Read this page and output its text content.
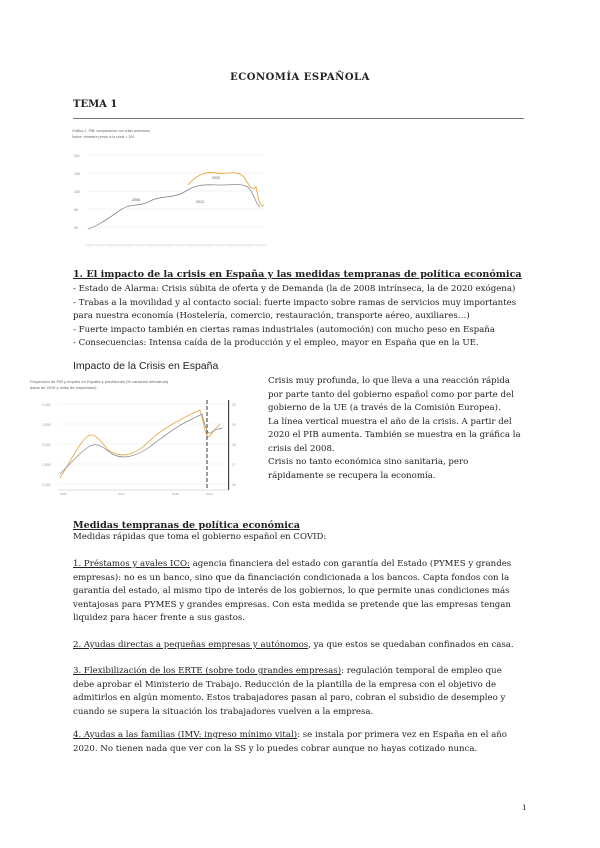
ECONOMÍA ESPAÑOLA
TEMA 1
Gráfico 1. PIB: comparación con crisis anteriores
Índice, trimestre previo a la crisis = 100
110
105
100
95
90
2008
2020
2012
1. El impacto de la crisis en España y las medidas tempranas de política económica
- Estado de Alarma: Crisis súbita de oferta y de Demanda (la de 2008 intrínseca, la de 2020 exógena)
- Trabas a la movilidad y al contacto social: fuerte impacto sobre ramas de servicios muy importantes
para nuestra economía (Hostelería, comercio, restauración, transporte aéreo, auxiliares…)
- Fuerte impacto también en ciertas ramas industriales (automoción) con mucho peso en España
- Consecuencias: Intensa caída de la producción y el empleo, mayor en España que en la UE.
Impacto de la Crisis en España
Proyección de PIB y empleo en España y previsiones (% variación interanual)
datos de 2019 y miles de empleados)
4.000
3.500
3.000
2.500
2.000
20
19
18
17
16
2006	2012	2018	2020
Crisis muy profunda, lo que lleva a una reacción rápida
por parte tanto del gobierno español como por parte del
gobierno de la UE (a través de la Comisión Europea).
La línea vertical muestra el año de la crisis. A partir del
2020 el PIB aumenta. También se muestra en la gráfica la
crisis del 2008.
Crisis no tanto económica sino sanitaria, pero
rápidamente se recupera la economía.
Medidas tempranas de política económica
Medidas rápidas que toma el gobierno español en COVID:
1. Préstamos y avales ICO: agencia financiera del estado con garantía del Estado (PYMES y grandes
empresas): no es un banco, sino que da financiación condicionada a los bancos. Capta fondos con la
garantía del estado, al mismo tipo de interés de los gobiernos, lo que permite unas condiciones más
ventajosas para PYMES y grandes empresas. Con esta medida se pretende que las empresas tengan
liquidez para hacer frente a sus gastos.
2. Ayudas directas a pequeñas empresas y autónomos, ya que estos se quedaban confinados en casa.
3. Flexibilización de los ERTE (sobre todo grandes empresas): regulación temporal de empleo que
debe aprobar el Ministerio de Trabajo. Reducción de la plantilla de la empresa con el objetivo de
admitirlos en algún momento. Estos trabajadores pasan al paro, cobran el subsidio de desempleo y
cuando se supera la situación los trabajadores vuelven a la empresa.
4. Ayudas a las familias (IMV: ingreso mínimo vital): se instala por primera vez en España en el año
2020. No tienen nada que ver con la SS y lo puedes cobrar aunque no hayas cotizado nunca.
1
